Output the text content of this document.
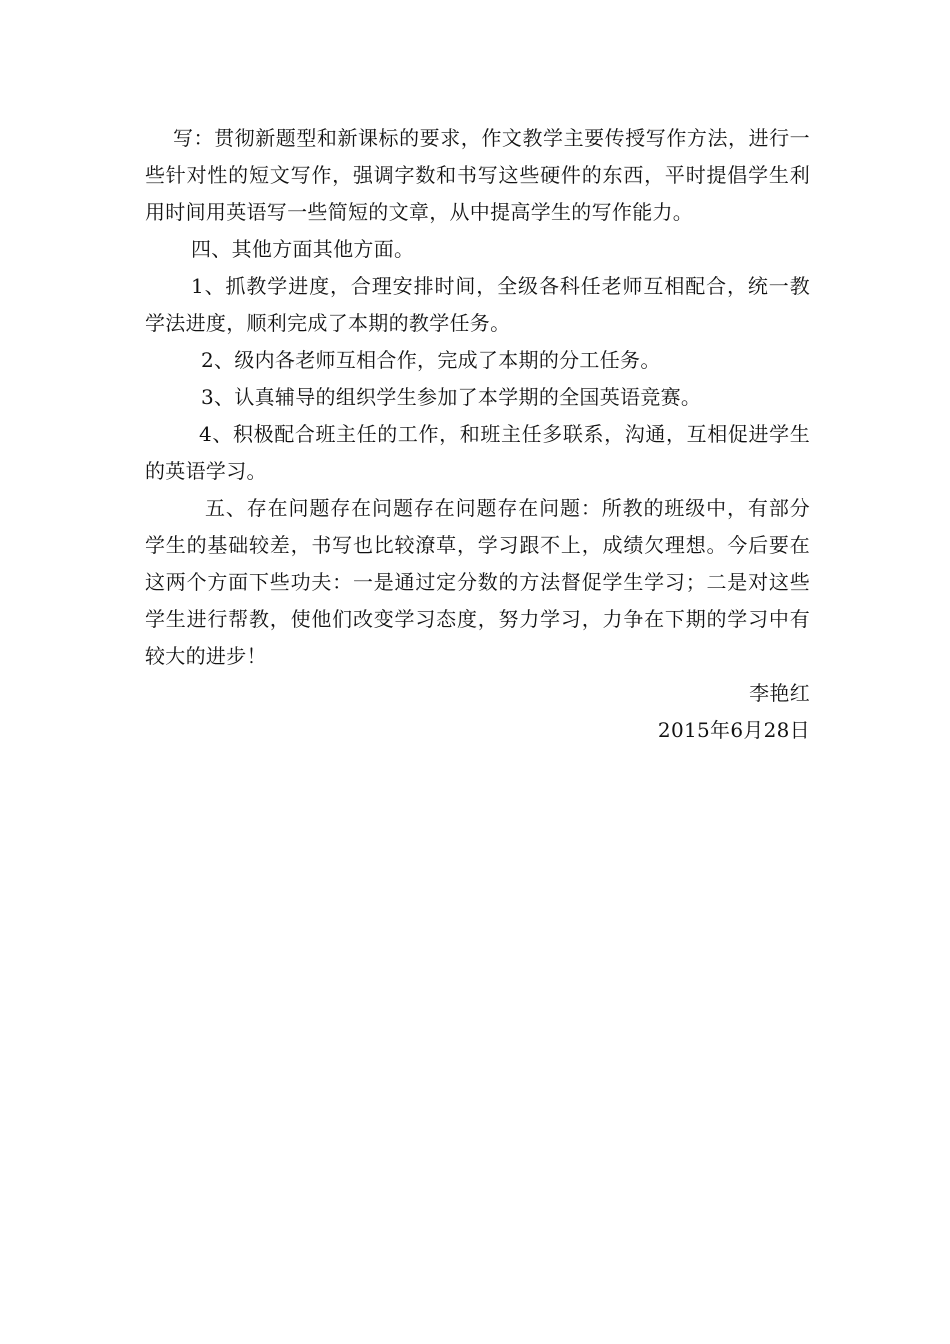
写：贯彻新题型和新课标的要求，作文教学主要传授写作方法，进行一些针对性的短文写作，强调字数和书写这些硬件的东西，平时提倡学生利用时间用英语写一些简短的文章，从中提高学生的写作能力。

四、其他方面其他方面。

1、抓教学进度，合理安排时间，全级各科任老师互相配合，统一教学法进度，顺利完成了本期的教学任务。

2、级内各老师互相合作，完成了本期的分工任务。

3、认真辅导的组织学生参加了本学期的全国英语竞赛。

4、积极配合班主任的工作，和班主任多联系，沟通，互相促进学生的英语学习。

五、存在问题存在问题存在问题存在问题：所教的班级中，有部分学生的基础较差，书写也比较潦草，学习跟不上，成绩欠理想。今后要在这两个方面下些功夫：一是通过定分数的方法督促学生学习；二是对这些学生进行帮教，使他们改变学习态度，努力学习，力争在下期的学习中有较大的进步！

李艳红

2015年6月28日
